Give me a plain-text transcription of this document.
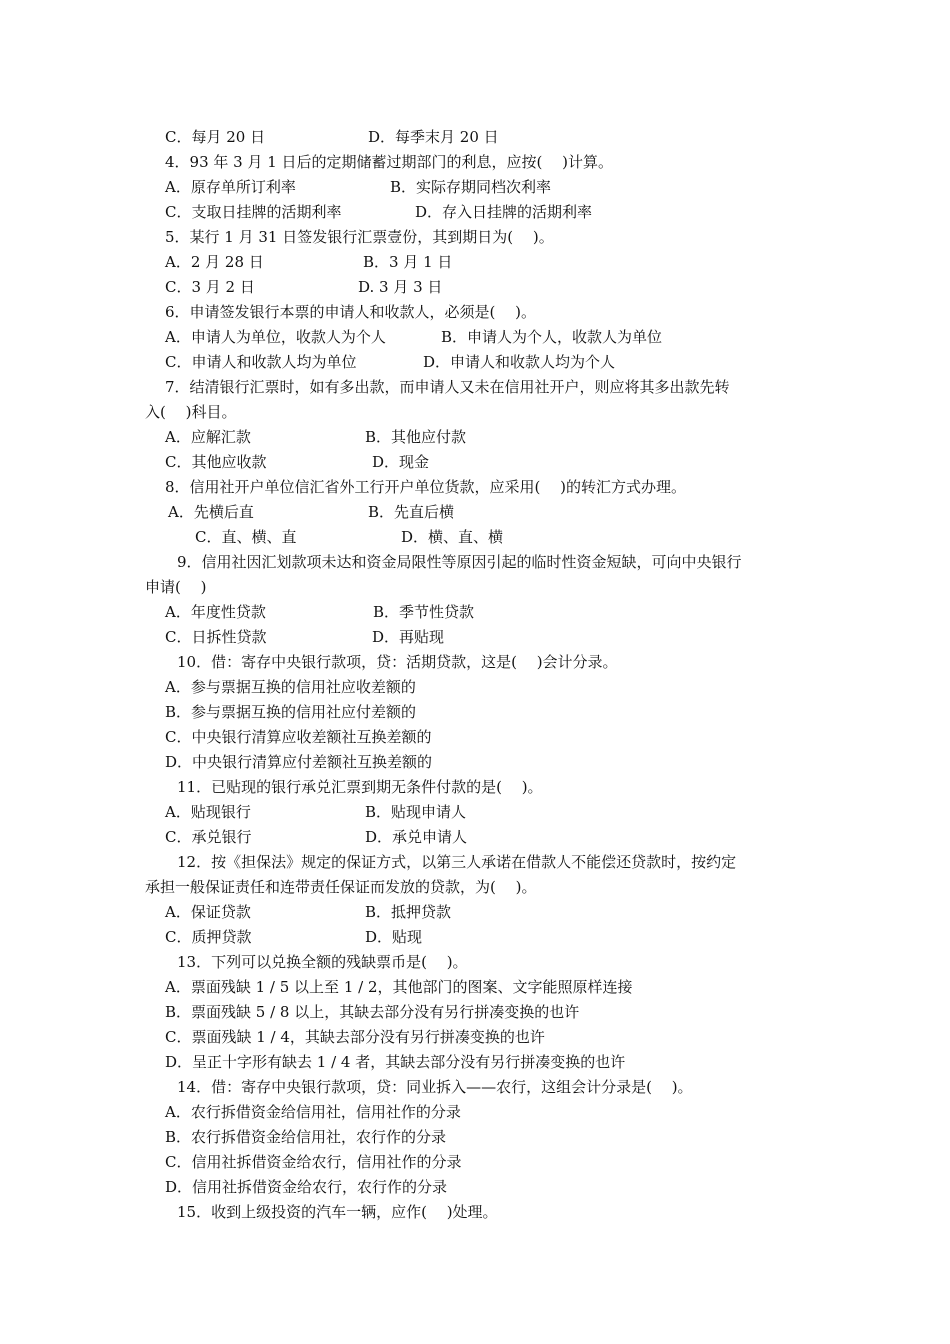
C．每月 20 日	D．每季末月 20 日
4．93 年 3 月 1 日后的定期储蓄过期部门的利息，应按(　 )计算。
A．原存单所订利率	B．实际存期同档次利率
C．支取日挂牌的活期利率	D．存入日挂牌的活期利率
5．某行 1 月 31 日签发银行汇票壹份，其到期日为(　 )。
A．2 月 28 日	B．3 月 1 日
C．3 月 2 日	D. 3 月 3 日
6．申请签发银行本票的申请人和收款人，必须是(　 )。
A．申请人为单位，收款人为个人	B．申请人为个人，收款人为单位
C．申请人和收款人均为单位	D．申请人和收款人均为个人
7．结清银行汇票时，如有多出款，而申请人又未在信用社开户，则应将其多出款先转
入(　 )科目。
A．应解汇款	B．其他应付款
C．其他应收款	D．现金
8．信用社开户单位信汇省外工行开户单位货款，应采用(　 )的转汇方式办理。
A．先横后直	B．先直后横
C．直、横、直	D．横、直、横
9．信用社因汇划款项未达和资金局限性等原因引起的临时性资金短缺，可向中央银行
申请(　 )
A．年度性贷款	B．季节性贷款
C．日拆性贷款	D．再贴现
10．借：寄存中央银行款项，贷：活期贷款，这是(　 )会计分录。
A．参与票据互换的信用社应收差额的
B．参与票据互换的信用社应付差额的
C．中央银行清算应收差额社互换差额的
D．中央银行清算应付差额社互换差额的
11．已贴现的银行承兑汇票到期无条件付款的是(　 )。
A．贴现银行	B．贴现申请人
C．承兑银行	D．承兑申请人
12．按《担保法》规定的保证方式，以第三人承诺在借款人不能偿还贷款时，按约定
承担一般保证责任和连带责任保证而发放的贷款，为(　 )。
A．保证贷款	B．抵押贷款
C．质押贷款	D．贴现
13．下列可以兑换全额的残缺票币是(　 )。
A．票面残缺 1 / 5 以上至 1 / 2，其他部门的图案、文字能照原样连接
B．票面残缺 5 / 8 以上，其缺去部分没有另行拼凑变换的也许
C．票面残缺 1 / 4，其缺去部分没有另行拼凑变换的也许
D．呈正十字形有缺去 1 / 4 者，其缺去部分没有另行拼凑变换的也许
14．借：寄存中央银行款项，贷：同业拆入——农行，这组会计分录是(　 )。
A．农行拆借资金给信用社，信用社作的分录
B．农行拆借资金给信用社，农行作的分录
C．信用社拆借资金给农行，信用社作的分录
D．信用社拆借资金给农行，农行作的分录
15．收到上级投资的汽车一辆，应作(　 )处理。
